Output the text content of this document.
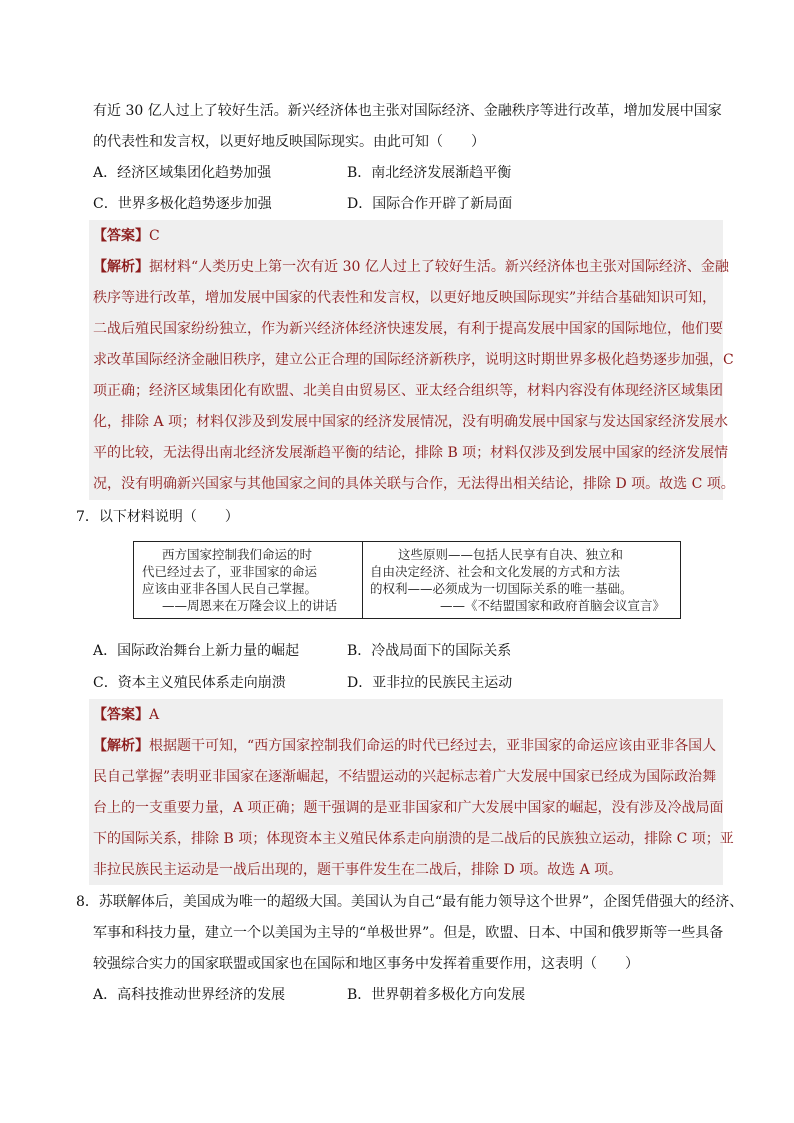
有近 30 亿人过上了较好生活。新兴经济体也主张对国际经济、金融秩序等进行改革，增加发展中国家
的代表性和发言权，以更好地反映国际现实。由此可知（　　）
A．经济区域集团化趋势加强	B．南北经济发展渐趋平衡
C．世界多极化趋势逐步加强	D．国际合作开辟了新局面
【答案】C
【解析】据材料“人类历史上第一次有近 30 亿人过上了较好生活。新兴经济体也主张对国际经济、金融
秩序等进行改革，增加发展中国家的代表性和发言权，以更好地反映国际现实”并结合基础知识可知，
二战后殖民国家纷纷独立，作为新兴经济体经济快速发展，有利于提高发展中国家的国际地位，他们要
求改革国际经济金融旧秩序，建立公正合理的国际经济新秩序，说明这时期世界多极化趋势逐步加强，C
项正确；经济区域集团化有欧盟、北美自由贸易区、亚太经合组织等，材料内容没有体现经济区域集团
化，排除 A 项；材料仅涉及到发展中国家的经济发展情况，没有明确发展中国家与发达国家经济发展水
平的比较，无法得出南北经济发展渐趋平衡的结论，排除 B 项；材料仅涉及到发展中国家的经济发展情
况，没有明确新兴国家与其他国家之间的具体关联与合作，无法得出相关结论，排除 D 项。故选 C 项。
7．以下材料说明（　　）
西方国家控制我们命运的时
代已经过去了，亚非国家的命运
应该由亚非各国人民自己掌握。
——周恩来在万隆会议上的讲话
这些原则——包括人民享有自决、独立和
自由决定经济、社会和文化发展的方式和方法
的权利——必须成为一切国际关系的唯一基础。
——《不结盟国家和政府首脑会议宣言》
A．国际政治舞台上新力量的崛起	B．冷战局面下的国际关系
C．资本主义殖民体系走向崩溃	D．亚非拉的民族民主运动
【答案】A
【解析】根据题干可知，“西方国家控制我们命运的时代已经过去，亚非国家的命运应该由亚非各国人
民自己掌握”表明亚非国家在逐渐崛起，不结盟运动的兴起标志着广大发展中国家已经成为国际政治舞
台上的一支重要力量，A 项正确；题干强调的是亚非国家和广大发展中国家的崛起，没有涉及冷战局面
下的国际关系，排除 B 项；体现资本主义殖民体系走向崩溃的是二战后的民族独立运动，排除 C 项；亚
非拉民族民主运动是一战后出现的，题干事件发生在二战后，排除 D 项。故选 A 项。
8．苏联解体后，美国成为唯一的超级大国。美国认为自己“最有能力领导这个世界”，企图凭借强大的经济、
军事和科技力量，建立一个以美国为主导的“单极世界”。但是，欧盟、日本、中国和俄罗斯等一些具备
较强综合实力的国家联盟或国家也在国际和地区事务中发挥着重要作用，这表明（　　）
A．高科技推动世界经济的发展	B．世界朝着多极化方向发展
